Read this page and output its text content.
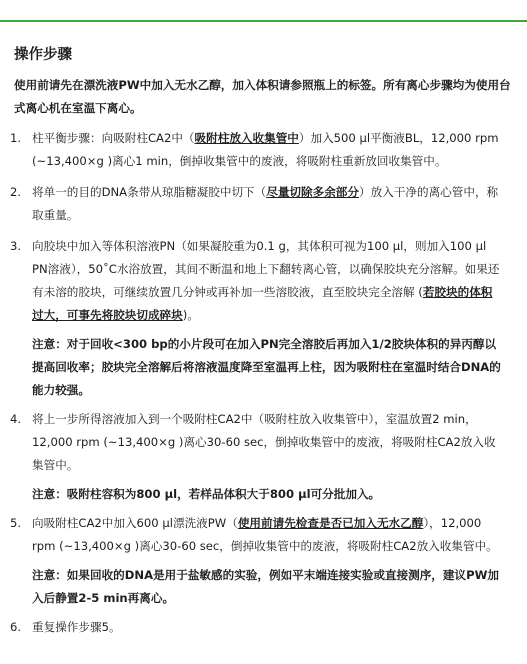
操作步骤

使用前请先在漂洗液PW中加入无水乙醇，加入体积请参照瓶上的标签。所有离心步骤均为使用台式离心机在室温下离心。

1. 柱平衡步骤：向吸附柱CA2中（吸附柱放入收集管中）加入500 µl平衡液BL，12,000 rpm (~13,400×g )离心1 min，倒掉收集管中的废液，将吸附柱重新放回收集管中。
2. 将单一的目的DNA条带从琼脂糖凝胶中切下（尽量切除多余部分）放入干净的离心管中，称取重量。
3. 向胶块中加入等体积溶液PN（如果凝胶重为0.1 g，其体积可视为100 µl，则加入100 µl PN溶液），50˚C水浴放置，其间不断温和地上下翻转离心管，以确保胶块充分溶解。如果还有未溶的胶块，可继续放置几分钟或再补加一些溶胶液，直至胶块完全溶解 (若胶块的体积过大，可事先将胶块切成碎块)。
注意：对于回收<300 bp的小片段可在加入PN完全溶胶后再加入1/2胶块体积的异丙醇以提高回收率；胶块完全溶解后将溶液温度降至室温再上柱，因为吸附柱在室温时结合DNA的能力较强。
4. 将上一步所得溶液加入到一个吸附柱CA2中（吸附柱放入收集管中），室温放置2 min，12,000 rpm (~13,400×g )离心30-60 sec，倒掉收集管中的废液，将吸附柱CA2放入收集管中。
注意：吸附柱容积为800 µl，若样品体积大于800 µl可分批加入。
5. 向吸附柱CA2中加入600 µl漂洗液PW（使用前请先检查是否已加入无水乙醇），12,000 rpm (~13,400×g )离心30-60 sec，倒掉收集管中的废液，将吸附柱CA2放入收集管中。
注意：如果回收的DNA是用于盐敏感的实验，例如平末端连接实验或直接测序，建议PW加入后静置2-5 min再离心。
6. 重复操作步骤5。
